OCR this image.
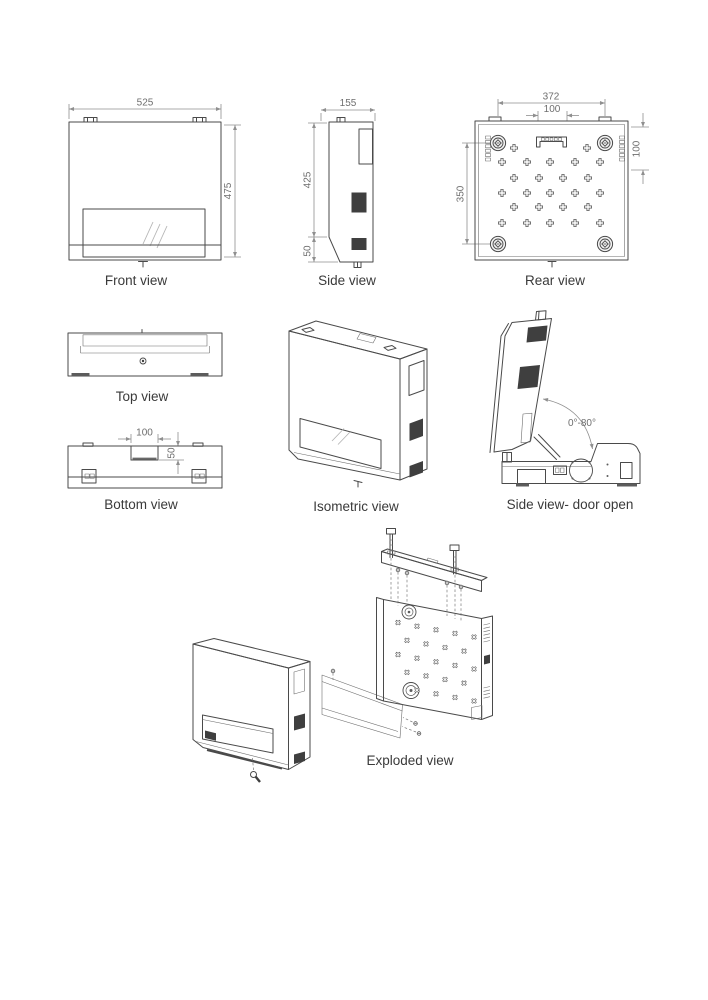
525
475
155
425
50
372
100
350
100
100
50
0°-80°
Front view	Side view	Rear view
Top view
Bottom view	Isometric view	Side view- door open
Exploded view
